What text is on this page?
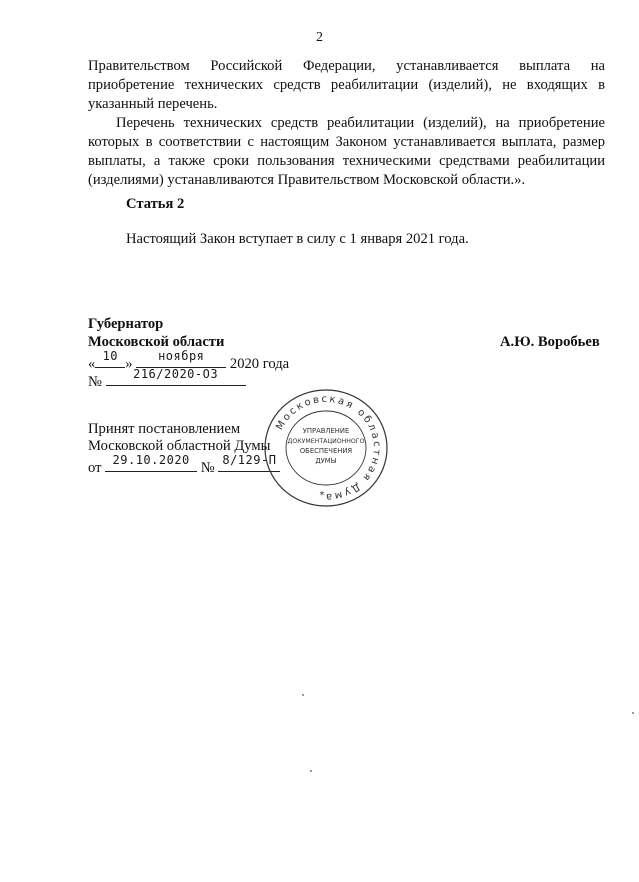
2

Правительством Российской Федерации, устанавливается выплата на приобретение технических средств реабилитации (изделий), не входящих в указанный перечень.

Перечень технических средств реабилитации (изделий), на приобретение которых в соответствии с настоящим Законом устанавливается выплата, размер выплаты, а также сроки пользования техническими средствами реабилитации (изделиями) устанавливаются Правительством Московской области.».

Статья 2
Настоящий Закон вступает в силу с 1 января 2021 года.
Губернатор
Московской области	А.Ю. Воробьев
« 10 »	ноября	2020 года
№	216/2020-ОЗ
Принят постановлением
Московской областной Думы
от 29.10.2020 № 8/129-П
Московская областная Дума
УПРАВЛЕНИЕ
ДОКУМЕНТАЦИОННОГО
ОБЕСПЕЧЕНИЯ
ДУМЫ
*
